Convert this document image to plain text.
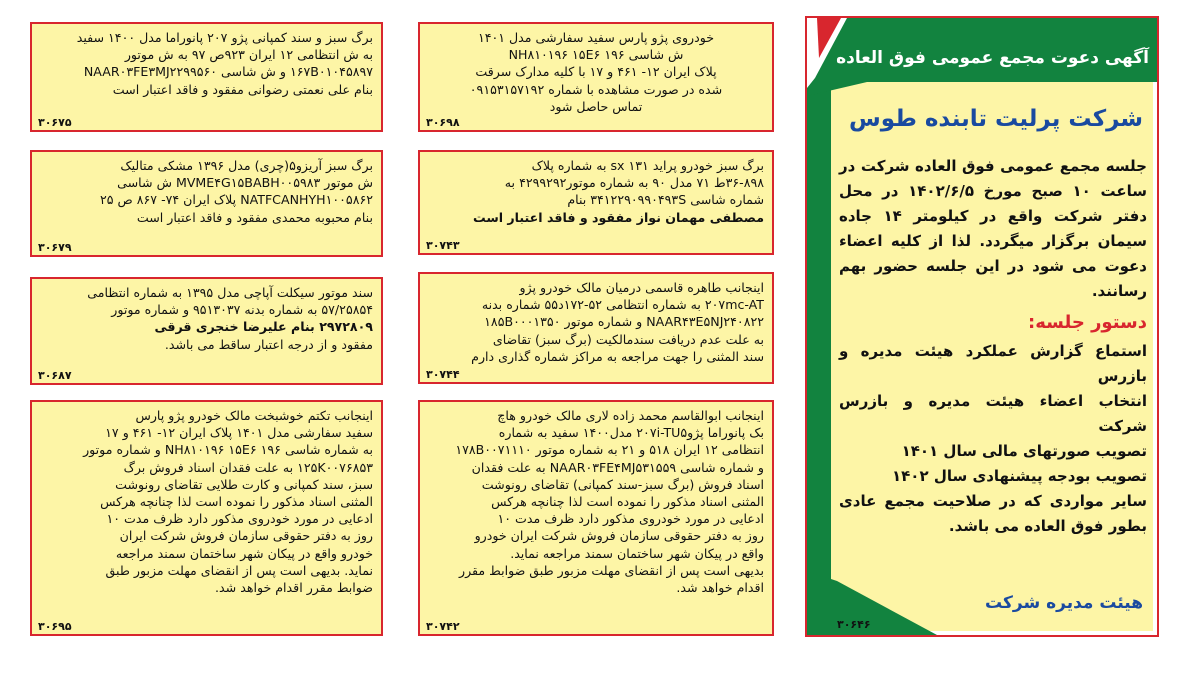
آگهی دعوت مجمع عمومی فوق العاده
شرکت پرلیت تابنده طوس
جلسه مجمع عمومی فوق العاده شرکت در ساعت ۱۰ صبح مورخ ۱۴۰۲/۶/۵ در محل دفتر شرکت واقع در کیلومتر ۱۴ جاده سیمان برگزار میگردد. لذا از کلیه اعضاء دعوت می شود در این جلسه حضور بهم رسانند.
دستور جلسه:

استماع گزارش عملکرد هیئت مدیره و بازرس

انتخاب اعضاء هیئت مدیره و بازرس شرکت

تصویب صورتهای مالی سال ۱۴۰۱

تصویب بودجه پیشنهادی سال ۱۴۰۲

سایر مواردی که در صلاحیت مجمع عادی بطور فوق العاده می باشد.

هیئت مدیره شرکت
۳۰۶۴۶

خودروی پژو پارس سفید سفارشی مدل ۱۴۰۱

ش شاسی ۱۹۶ NH۸۱۰۱۹۶ ۱۵E۶

پلاک ایران ۱۲- ۴۶۱ و ۱۷ با کلیه مدارک سرقت

شده در صورت مشاهده با شماره ۰۹۱۵۳۱۵۷۱۹۲

تماس حاصل شود

۳۰۶۹۸

برگ سبز خودرو پراید ۱۳۱ sx به شماره پلاک

۳۶-۸۹۸ط ۷۱ مدل ۹۰ به شماره موتور۴۲۹۹۲۹۲ به

شماره شاسی ۳۴۱۲۲۹۰۹۹۰۴۹۳S بنام

مصطفی مهمان نواز مفقود و فاقد اعتبار است

۳۰۷۴۳

اینجانب طاهره قاسمی درمیان مالک خودرو پژو

۲۰۷mc-AT به شماره انتظامی ۵۲-۱۷۲د۵۵ شماره بدنه

NAAR۴۳E۵NJ۲۴۰۸۲۲ و شماره موتور ۱۸۵B۰۰۰۱۳۵۰

به علت عدم دریافت سندمالکیت (برگ سبز) تقاضای

سند المثنی را جهت مراجعه به مراکز شماره گذاری دارم

۳۰۷۴۴

اینجانب ابوالقاسم محمد زاده لاری مالک خودرو هاچ

بک پانوراما پژو۲۰۷i-TU۵ مدل۱۴۰۰ سفید به شماره

انتظامی ۱۲ ایران ۵۱۸ و ۲۱ به شماره موتور ۱۷۸B۰۰۷۱۱۱۰

و شماره شاسی NAAR۰۳FE۴MJ۵۳۱۵۵۹ به علت فقدان

اسناد فروش (برگ سبز-سند کمپانی) تقاضای رونوشت

المثنی اسناد مذکور را نموده است لذا چنانچه هرکس

ادعایی در مورد خودروی مذکور دارد ظرف مدت ۱۰

روز به دفتر حقوقی سازمان فروش شرکت ایران خودرو

واقع در پیکان شهر ساختمان سمند مراجعه نماید.

بدیهی است پس از انقضای مهلت مزبور طبق ضوابط مقرر

اقدام خواهد شد.

۳۰۷۴۲

برگ سبز و سند کمپانی پژو ۲۰۷ پانوراما مدل ۱۴۰۰ سفید

به ش انتظامی ۱۲ ایران ۹۲۳ص ۹۷ به ش موتور

۱۶۷B۰۱۰۴۵۸۹۷ و ش شاسی NAAR۰۳FE۳MJ۲۲۹۹۵۶۰

بنام علی نعمتی رضوانی مفقود و فاقد اعتبار است

۳۰۶۷۵

برگ سبز آریزو۵(چری) مدل ۱۳۹۶ مشکی متالیک

ش موتور MVME۴G۱۵BABH۰۰۵۹۸۳ ش شاسی

NATFCANHYH۱۰۰۵۸۶۲ پلاک ایران ۷۴- ۸۶۷ ص ۲۵

بنام محبوبه محمدی مفقود و فاقد اعتبار است

۳۰۶۷۹

سند موتور سیکلت آپاچی مدل ۱۳۹۵ به شماره انتظامی

۵۷/۲۵۸۵۴ به شماره بدنه ۹۵۱۳۰۳۷ و شماره موتور

۲۹۷۲۸۰۹ بنام علیرضا خنجری قرقی

مفقود و از درجه اعتبار ساقط می باشد.

۳۰۶۸۷

اینجانب تکتم خوشبخت مالک خودرو پژو پارس

سفید سفارشی مدل ۱۴۰۱ پلاک ایران ۱۲- ۴۶۱ و ۱۷

به شماره شاسی ۱۹۶ NH۸۱۰۱۹۶ ۱۵E۶ و شماره موتور

۱۲۵K۰۰۷۶۸۵۳ به علت فقدان اسناد فروش برگ

سبز، سند کمپانی و کارت طلایی تقاضای رونوشت

المثنی اسناد مذکور را نموده است لذا چنانچه هرکس

ادعایی در مورد خودروی مذکور دارد ظرف مدت ۱۰

روز به دفتر حقوقی سازمان فروش شرکت ایران

خودرو واقع در پیکان شهر ساختمان سمند مراجعه

نماید. بدیهی است پس از انقضای مهلت مزبور طبق

ضوابط مقرر اقدام خواهد شد.

۳۰۶۹۵
